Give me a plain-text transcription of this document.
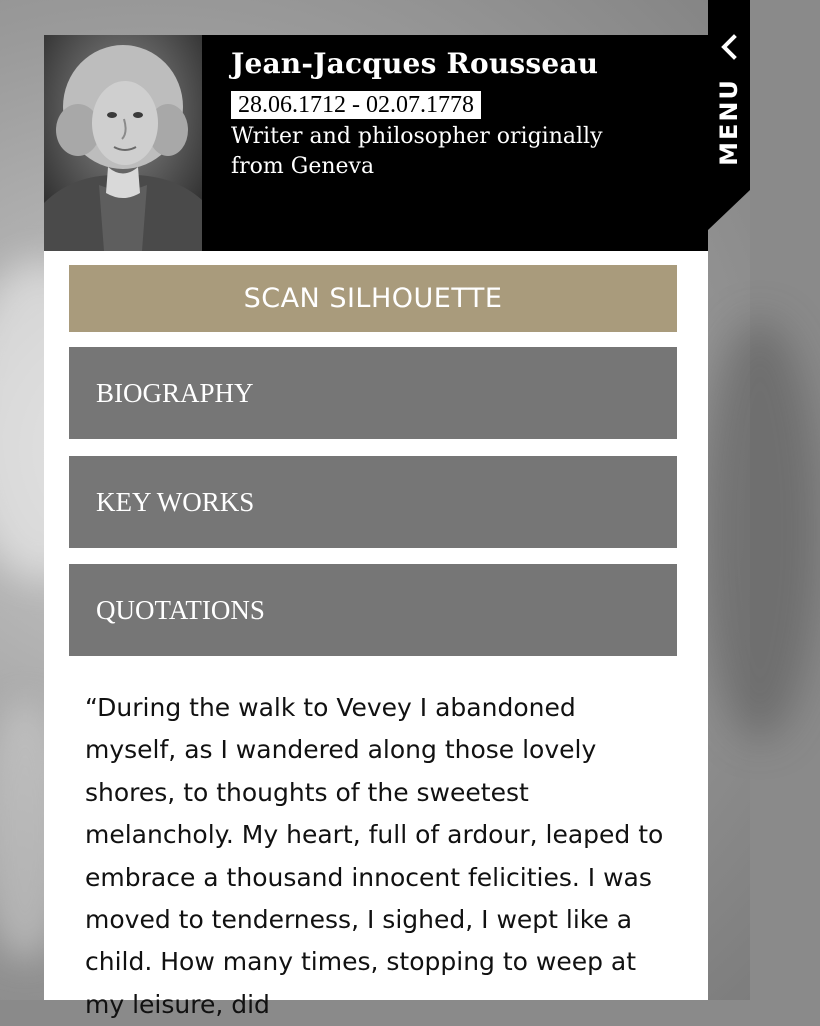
Jean-Jacques Rousseau
28.06.1712 - 02.07.1778
Writer and philosopher originally from Geneva
SCAN SILHOUETTE
BIOGRAPHY
KEY WORKS
QUOTATIONS
“During the walk to Vevey I abandoned myself, as I wandered along those lovely shores, to thoughts of the sweetest melancholy. My heart, full of ardour, leaped to embrace a thousand innocent felicities. I was moved to tenderness, I sighed, I wept like a child. How many times, stopping to weep at my leisure, did
MENU
